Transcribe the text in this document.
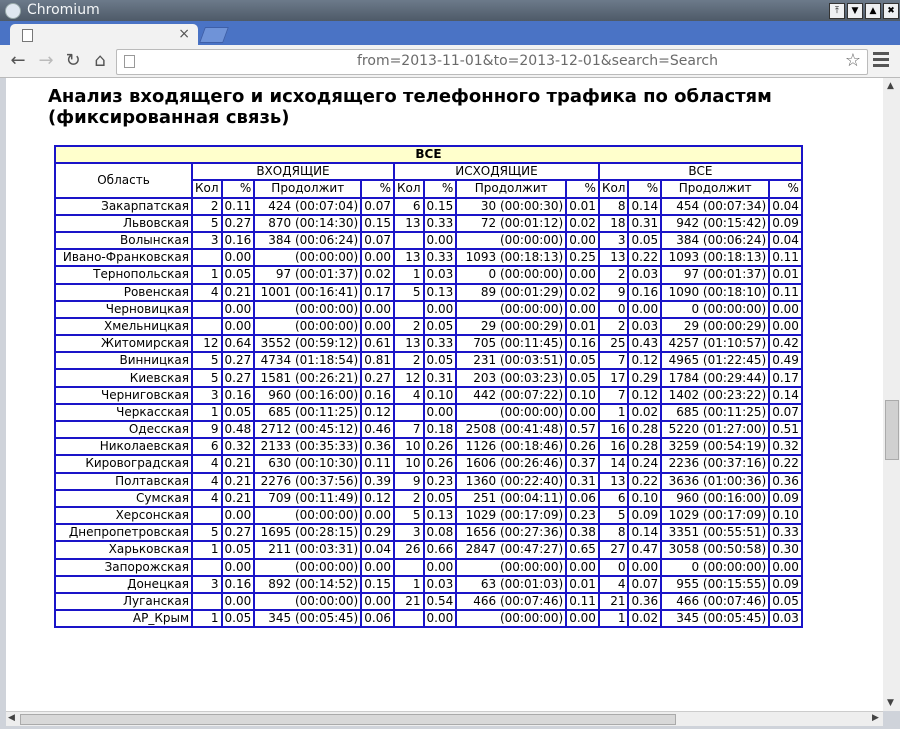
Chromium	⤒	▼	▲	✖
×
← → ↻ ⌂	from=2013-11-01&to=2013-12-01&search=Search	☆
Анализ входящего и исходящего телефонного трафика по областям (фиксированная связь)
ВСЕ												
Область	ВХОДЯЩИЕ				ИСХОДЯЩИЕ				ВСЕ			
	Кол	%	Продолжит	%	Кол	%	Продолжит	%	Кол	%	Продолжит	%
Закарпатская	2	0.11	424 (00:07:04)	0.07	6	0.15	30 (00:00:30)	0.01	8	0.14	454 (00:07:34)	0.04
Львовская	5	0.27	870 (00:14:30)	0.15	13	0.33	72 (00:01:12)	0.02	18	0.31	942 (00:15:42)	0.09
Волынская	3	0.16	384 (00:06:24)	0.07		0.00	(00:00:00)	0.00	3	0.05	384 (00:06:24)	0.04
Ивано-Франковская		0.00	(00:00:00)	0.00	13	0.33	1093 (00:18:13)	0.25	13	0.22	1093 (00:18:13)	0.11
Тернопольская	1	0.05	97 (00:01:37)	0.02	1	0.03	0 (00:00:00)	0.00	2	0.03	97 (00:01:37)	0.01
Ровенская	4	0.21	1001 (00:16:41)	0.17	5	0.13	89 (00:01:29)	0.02	9	0.16	1090 (00:18:10)	0.11
Черновицкая		0.00	(00:00:00)	0.00		0.00	(00:00:00)	0.00	0	0.00	0 (00:00:00)	0.00
Хмельницкая		0.00	(00:00:00)	0.00	2	0.05	29 (00:00:29)	0.01	2	0.03	29 (00:00:29)	0.00
Житомирская	12	0.64	3552 (00:59:12)	0.61	13	0.33	705 (00:11:45)	0.16	25	0.43	4257 (01:10:57)	0.42
Винницкая	5	0.27	4734 (01:18:54)	0.81	2	0.05	231 (00:03:51)	0.05	7	0.12	4965 (01:22:45)	0.49
Киевская	5	0.27	1581 (00:26:21)	0.27	12	0.31	203 (00:03:23)	0.05	17	0.29	1784 (00:29:44)	0.17
Черниговская	3	0.16	960 (00:16:00)	0.16	4	0.10	442 (00:07:22)	0.10	7	0.12	1402 (00:23:22)	0.14
Черкасская	1	0.05	685 (00:11:25)	0.12		0.00	(00:00:00)	0.00	1	0.02	685 (00:11:25)	0.07
Одесская	9	0.48	2712 (00:45:12)	0.46	7	0.18	2508 (00:41:48)	0.57	16	0.28	5220 (01:27:00)	0.51
Николаевская	6	0.32	2133 (00:35:33)	0.36	10	0.26	1126 (00:18:46)	0.26	16	0.28	3259 (00:54:19)	0.32
Кировоградская	4	0.21	630 (00:10:30)	0.11	10	0.26	1606 (00:26:46)	0.37	14	0.24	2236 (00:37:16)	0.22
Полтавская	4	0.21	2276 (00:37:56)	0.39	9	0.23	1360 (00:22:40)	0.31	13	0.22	3636 (01:00:36)	0.36
Сумская	4	0.21	709 (00:11:49)	0.12	2	0.05	251 (00:04:11)	0.06	6	0.10	960 (00:16:00)	0.09
Херсонская		0.00	(00:00:00)	0.00	5	0.13	1029 (00:17:09)	0.23	5	0.09	1029 (00:17:09)	0.10
Днепропетровская	5	0.27	1695 (00:28:15)	0.29	3	0.08	1656 (00:27:36)	0.38	8	0.14	3351 (00:55:51)	0.33
Харьковская	1	0.05	211 (00:03:31)	0.04	26	0.66	2847 (00:47:27)	0.65	27	0.47	3058 (00:50:58)	0.30
Запорожская		0.00	(00:00:00)	0.00		0.00	(00:00:00)	0.00	0	0.00	0 (00:00:00)	0.00
Донецкая	3	0.16	892 (00:14:52)	0.15	1	0.03	63 (00:01:03)	0.01	4	0.07	955 (00:15:55)	0.09
Луганская		0.00	(00:00:00)	0.00	21	0.54	466 (00:07:46)	0.11	21	0.36	466 (00:07:46)	0.05
АР_Крым	1	0.05	345 (00:05:45)	0.06		0.00	(00:00:00)	0.00	1	0.02	345 (00:05:45)	0.03
▲
▼
◀	▶
